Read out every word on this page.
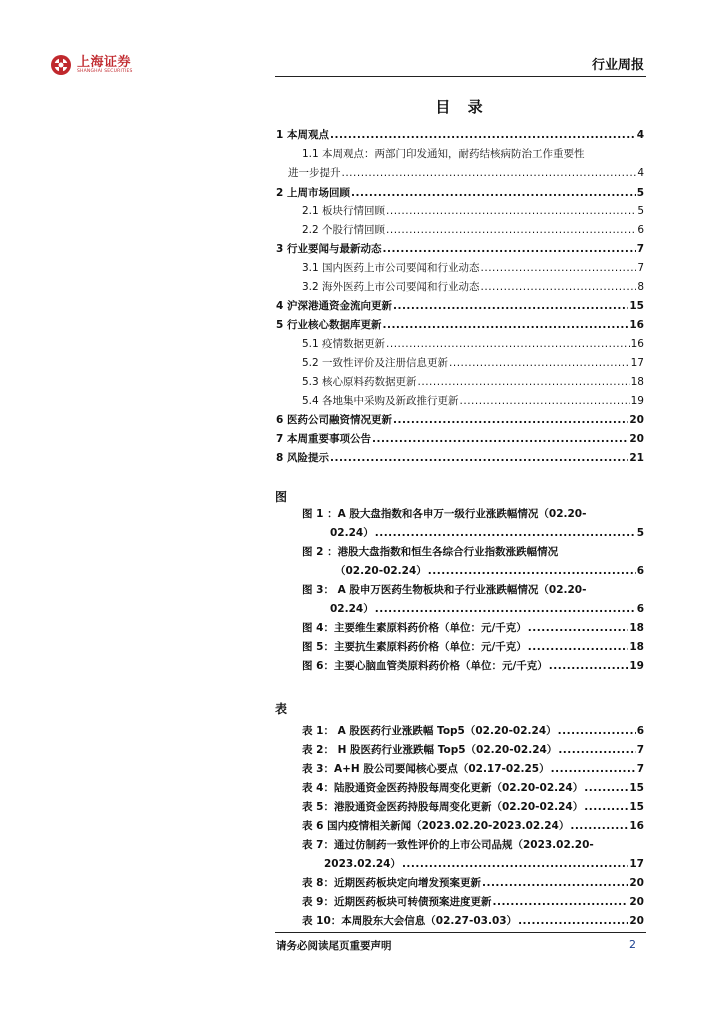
上海证券
SHANGHAI SECURITIES	行业周报
目 录
1 本周观点 .....	4
1.1 本周观点：两部门印发通知，耐药结核病防治工作重要性
进一步提升 .....	4
2 上周市场回顾 .....	5
2.1 板块行情回顾 .....	5
2.2 个股行情回顾 .....	6
3 行业要闻与最新动态 .....	7
3.1 国内医药上市公司要闻和行业动态 .....	7
3.2 海外医药上市公司要闻和行业动态 .....	8
4 沪深港通资金流向更新 .....	15
5 行业核心数据库更新 .....	16
5.1 疫情数据更新 .....	16
5.2 一致性评价及注册信息更新 .....	17
5.3 核心原料药数据更新 .....	18
5.4 各地集中采购及新政推行更新 .....	19
6 医药公司融资情况更新 .....	20
7 本周重要事项公告 .....	20
8 风险提示 .....	21
图
图 1 ：A 股大盘指数和各申万一级行业涨跌幅情况（02.20-
02.24） .....	5
图 2 ：港股大盘指数和恒生各综合行业指数涨跌幅情况
（02.20-02.24） .....	6
图 3： A 股申万医药生物板块和子行业涨跌幅情况（02.20-
02.24） .....	6
图 4：主要维生素原料药价格（单位：元/千克） .....	18
图 5：主要抗生素原料药价格（单位：元/千克） .....	18
图 6：主要心脑血管类原料药价格（单位：元/千克） .....	19
表
表 1： A 股医药行业涨跌幅 Top5（02.20-02.24） .....	6
表 2： H 股医药行业涨跌幅 Top5（02.20-02.24） .....	7
表 3：A+H 股公司要闻核心要点（02.17-02.25） .....	7
表 4：陆股通资金医药持股每周变化更新（02.20-02.24） .....	15
表 5：港股通资金医药持股每周变化更新（02.20-02.24） .....	15
表 6 国内疫情相关新闻（2023.02.20-2023.02.24） .....	16
表 7：通过仿制药一致性评价的上市公司品规（2023.02.20-
2023.02.24） .....	17
表 8：近期医药板块定向增发预案更新 .....	20
表 9：近期医药板块可转债预案进度更新 .....	20
表 10：本周股东大会信息（02.27-03.03） .....	20
请务必阅读尾页重要声明	2
